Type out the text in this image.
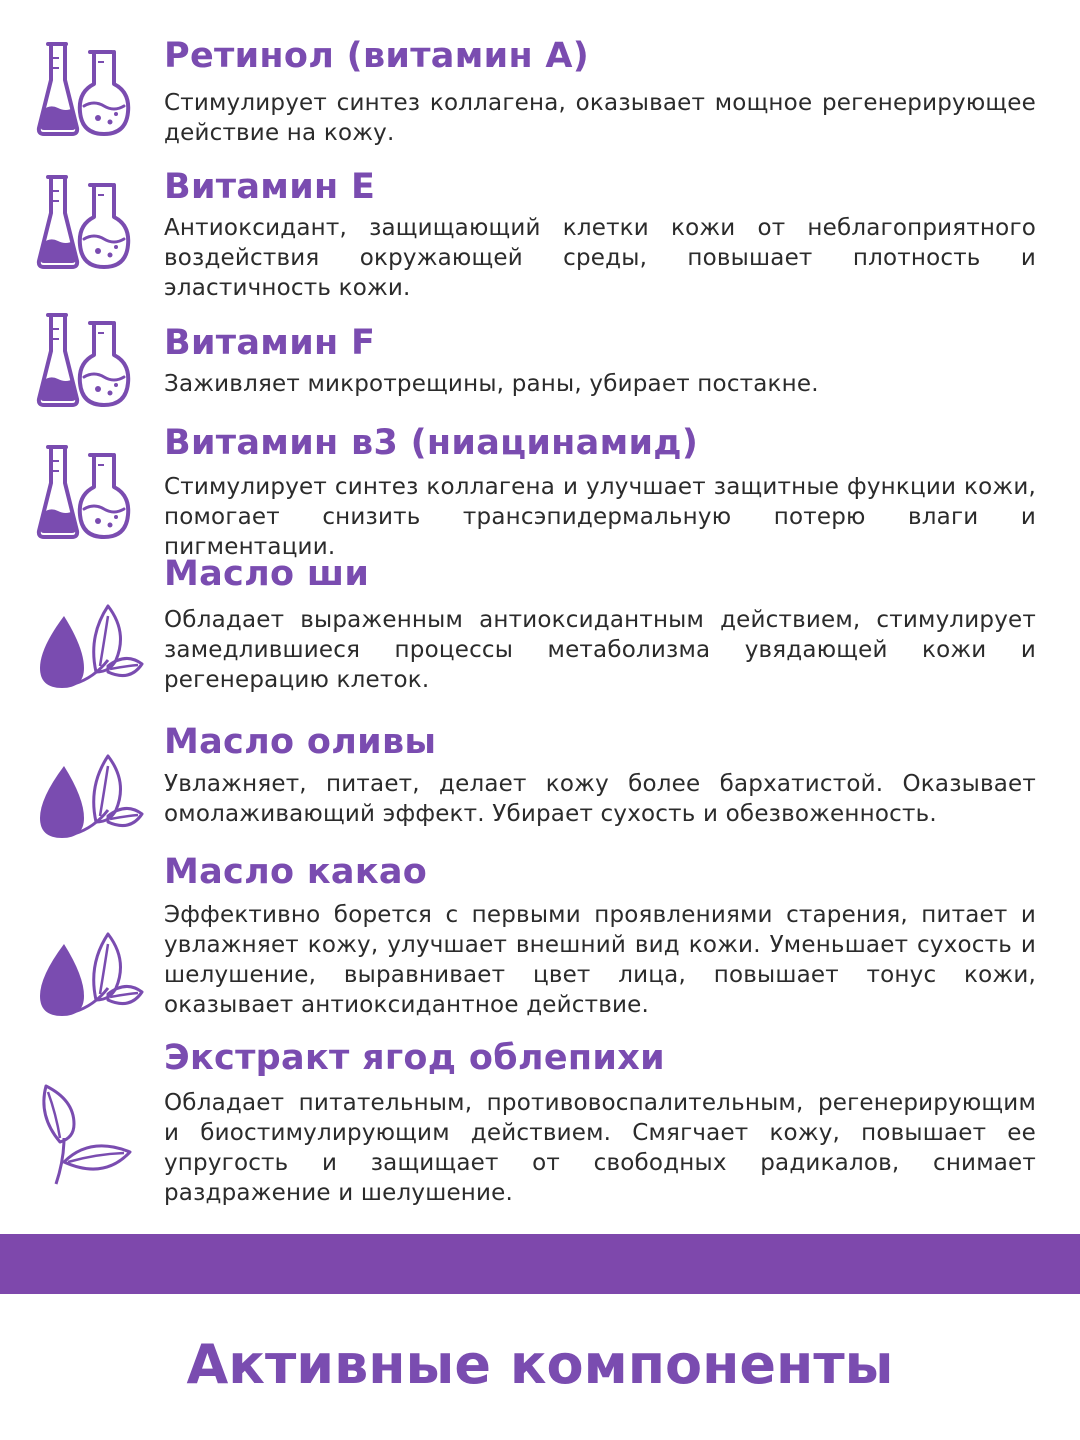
Ретинол (витамин А)
Стимулирует синтез коллагена, оказывает мощное регенерирующее действие на кожу.
Витамин Е
Антиоксидант, защищающий клетки кожи от неблагоприятного воздействия окружающей среды, повышает плотность и эластичность кожи.
Витамин F
Заживляет микротрещины, раны, убирает постакне.
Витамин в3 (ниацинамид)
Стимулирует синтез коллагена и улучшает защитные функции кожи, помогает снизить трансэпидермальную потерю влаги и пигментации.
Масло ши
Обладает выраженным антиоксидантным действием, стимулирует замедлившиеся процессы метаболизма увядающей кожи и регенерацию клеток.
Масло оливы
Увлажняет, питает, делает кожу более бархатистой. Оказывает омолаживающий эффект. Убирает сухость и обезвоженность.
Масло какао
Эффективно борется с первыми проявлениями старения, питает и увлажняет кожу, улучшает внешний вид кожи. Уменьшает сухость и шелушение, выравнивает цвет лица, повышает тонус кожи, оказывает антиоксидантное действие.
Экстракт ягод облепихи
Обладает питательным, противовоспалительным, регенерирующим и биостимулирующим действием. Смягчает кожу, повышает ее упругость и защищает от свободных радикалов, снимает раздражение и шелушение.
Активные компоненты
